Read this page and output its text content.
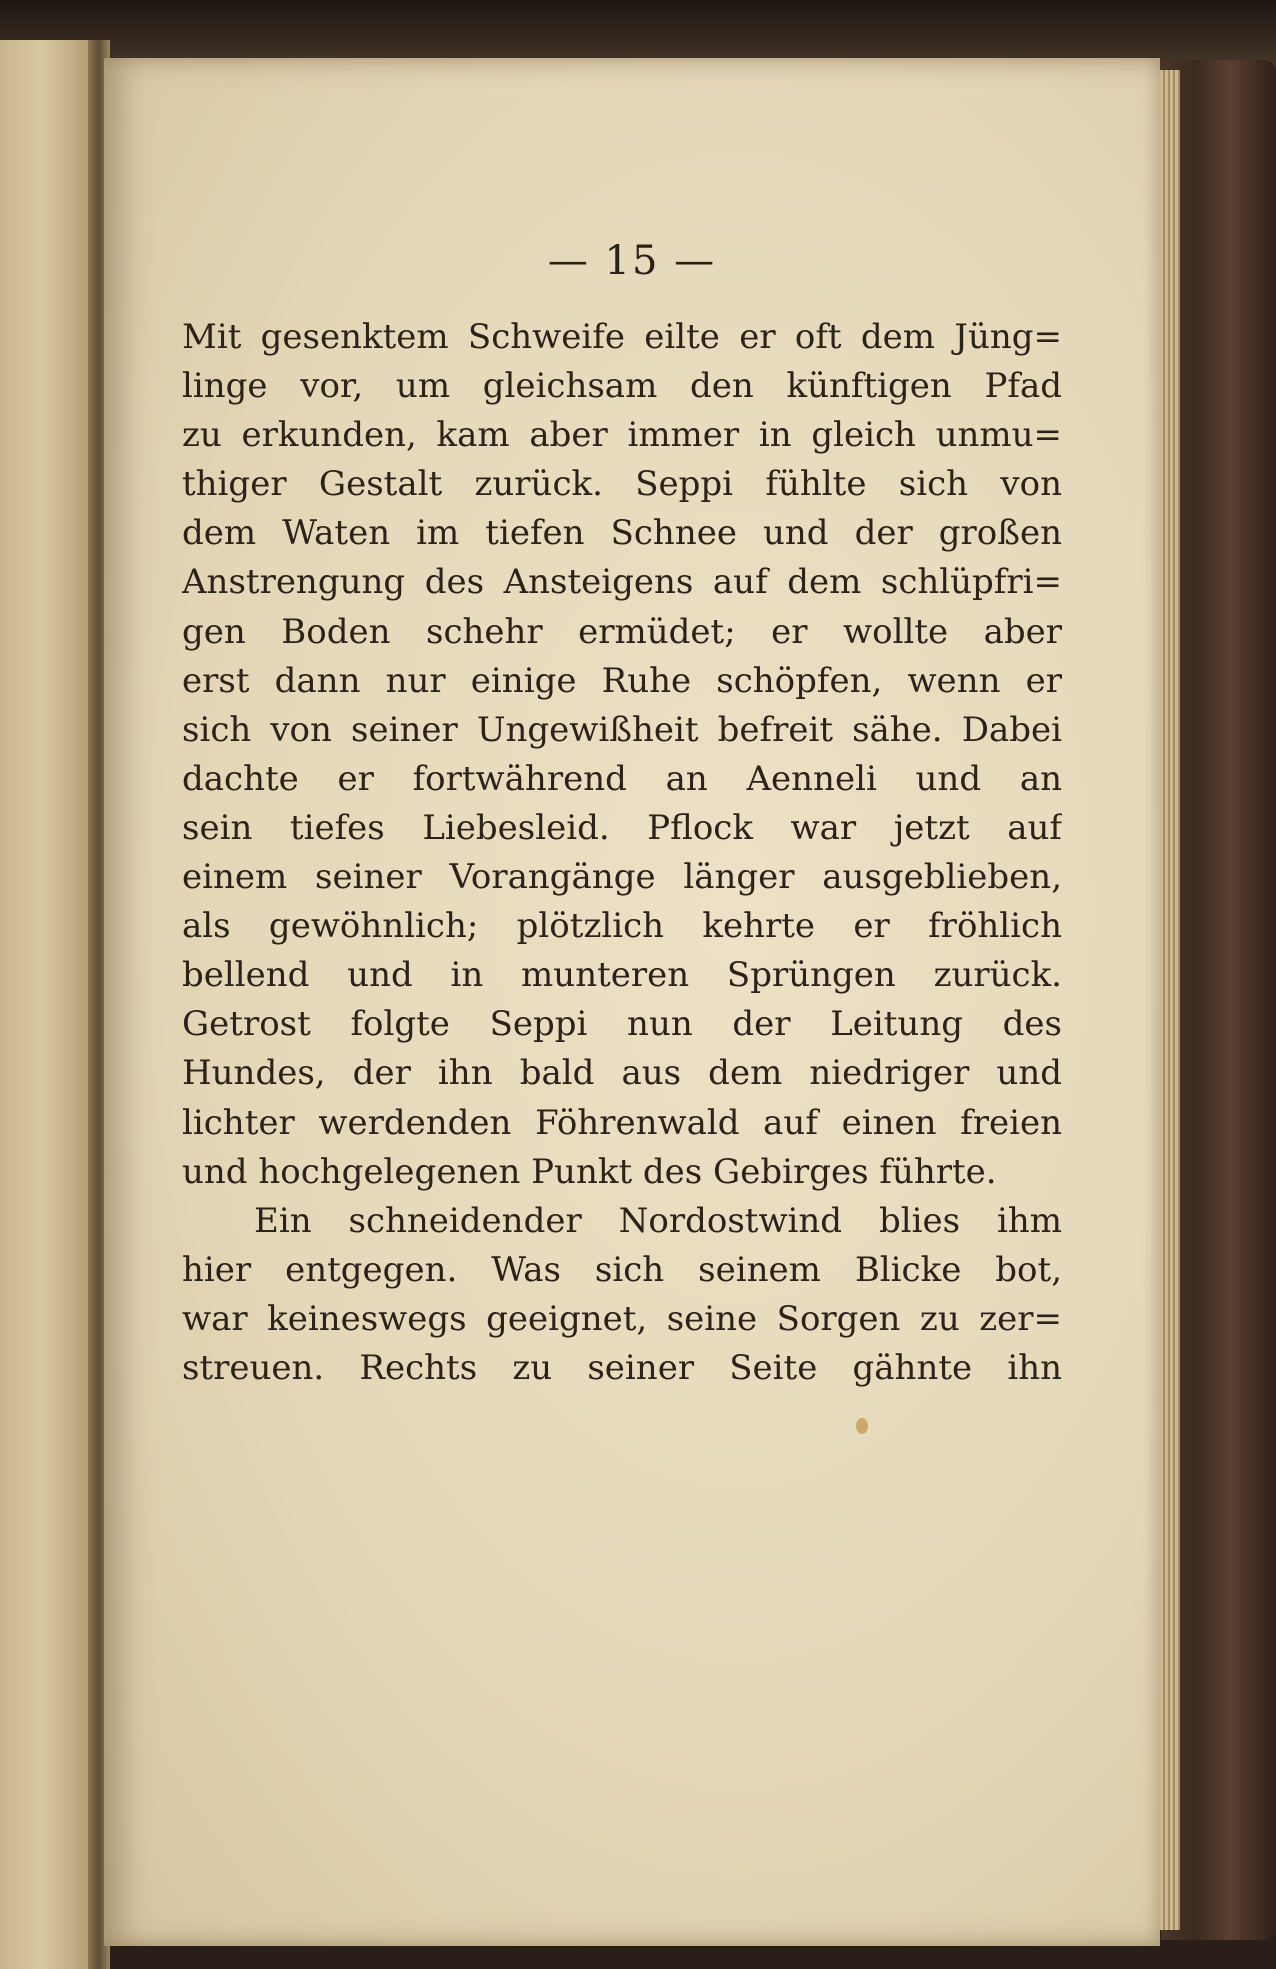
— 15 —
Mit gesenktem Schweife eilte er oft dem Jüng=
linge vor, um gleichsam den künftigen Pfad
zu erkunden, kam aber immer in gleich unmu=
thiger Gestalt zurück. Seppi fühlte sich von
dem Waten im tiefen Schnee und der großen
Anstrengung des Ansteigens auf dem schlüpfri=
gen Boden schehr ermüdet; er wollte aber
erst dann nur einige Ruhe schöpfen, wenn er
sich von seiner Ungewißheit befreit sähe. Dabei
dachte er fortwährend an Aenneli und an
sein tiefes Liebesleid. Pflock war jetzt auf
einem seiner Vorangänge länger ausgeblieben,
als gewöhnlich; plötzlich kehrte er fröhlich
bellend und in munteren Sprüngen zurück.
Getrost folgte Seppi nun der Leitung des
Hundes, der ihn bald aus dem niedriger und
lichter werdenden Föhrenwald auf einen freien
und hochgelegenen Punkt des Gebirges führte.
Ein schneidender Nordostwind blies ihm
hier entgegen. Was sich seinem Blicke bot,
war keineswegs geeignet, seine Sorgen zu zer=
streuen. Rechts zu seiner Seite gähnte ihn
